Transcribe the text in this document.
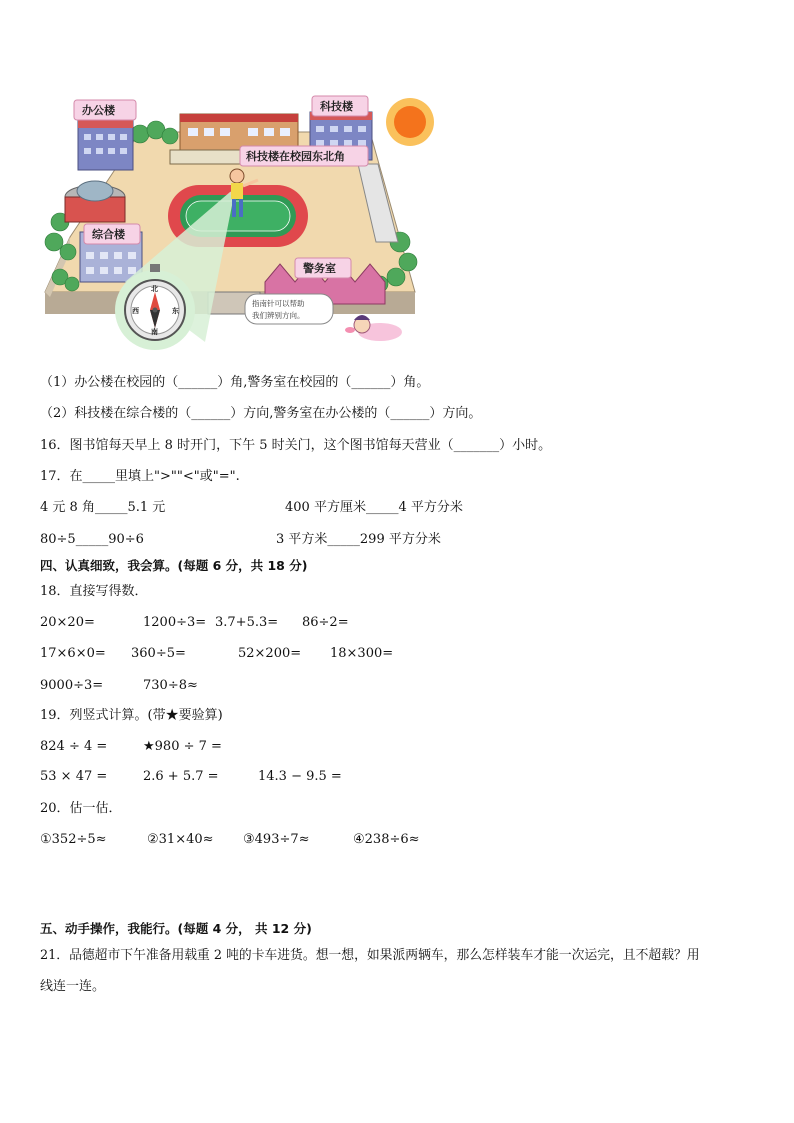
北
东
西
南
指南针可以帮助
我们辨别方向。
办公楼	科技楼
综合楼
警务室
科技楼在校园东北角
（1）办公楼在校园的（______）角,警务室在校园的（______）角。
（2）科技楼在综合楼的（______）方向,警务室在办公楼的（______）方向。
16．图书馆每天早上 8 时开门，下午 5 时关门，这个图书馆每天营业（_______）小时。
17．在_____里填上">""<"或"=".
4 元 8 角_____5.1 元	400 平方厘米_____4 平方分米
80÷5_____90÷6	3 平方米_____299 平方分米
四、认真细致，我会算。(每题 6 分，共 18 分)
18．直接写得数．
20×20=	1200÷3= 3.7+5.3= 86÷2=
17×6×0= 360÷5=	52×200= 18×300=
9000÷3=	730÷8≈
19．列竖式计算。(带★要验算)
824 ÷ 4 =	★980 ÷ 7 =
53 × 47 =	2.6 + 5.7 =	14.3 − 9.5 =
20．估一估．
①352÷5≈	②31×40≈ ③493÷7≈	④238÷6≈
五、动手操作，我能行。(每题 4 分， 共 12 分)
21．品德超市下午准备用载重 2 吨的卡车进货。想一想，如果派两辆车，那么怎样装车才能一次运完，且不超载？用
线连一连。
